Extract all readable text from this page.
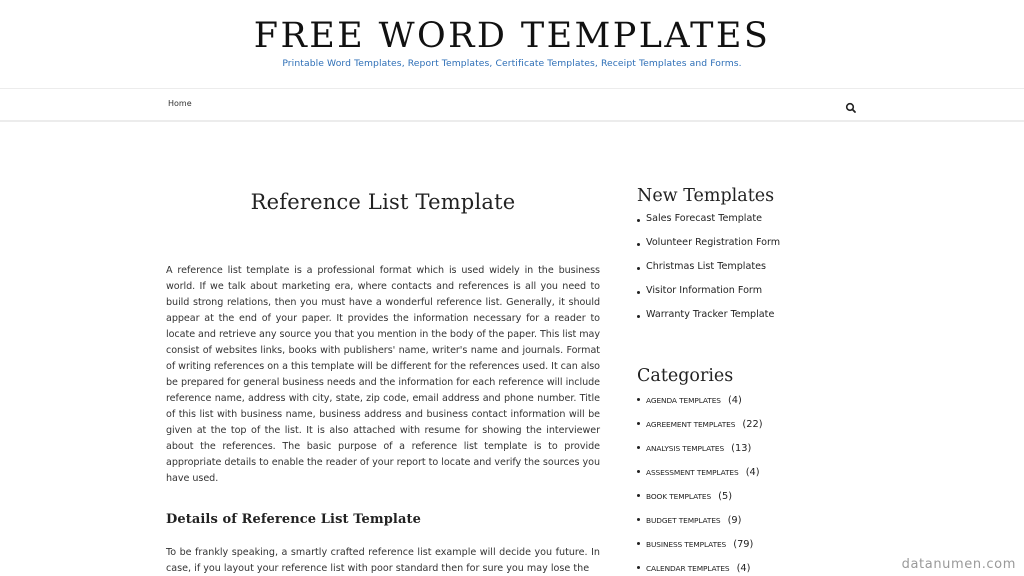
FREE WORD TEMPLATES
Printable Word Templates, Report Templates, Certificate Templates, Receipt Templates and Forms.
Home
Reference List Template

A reference list template is a professional format which is used widely in the business world. If we talk about marketing era, where contacts and references is all you need to build strong relations, then you must have a wonderful reference list. Generally, it should appear at the end of your paper. It provides the information necessary for a reader to locate and retrieve any source you that you mention in the body of the paper. This list may consist of websites links, books with publishers' name, writer's name and journals. Format of writing references on a this template will be different for the references used. It can also be prepared for general business needs and the information for each reference will include reference name, address with city, state, zip code, email address and phone number. Title of this list with business name, business address and business contact information will be given at the top of the list. It is also attached with resume for showing the interviewer about the references. The basic purpose of a reference list template is to provide appropriate details to enable the reader of your report to locate and verify the sources you have used.

Details of Reference List Template

To be frankly speaking, a smartly crafted reference list example will decide you future. In case, if you layout your reference list with poor standard then for sure you may lose the

New Templates
Sales Forecast Template
Volunteer Registration Form
Christmas List Templates
Visitor Information Form
Warranty Tracker Template
Categories
AGENDA TEMPLATES (4)
AGREEMENT TEMPLATES (22)
ANALYSIS TEMPLATES (13)
ASSESSMENT TEMPLATES (4)
BOOK TEMPLATES (5)
BUDGET TEMPLATES (9)
BUSINESS TEMPLATES (79)
CALENDAR TEMPLATES (4)	datanumen.com
